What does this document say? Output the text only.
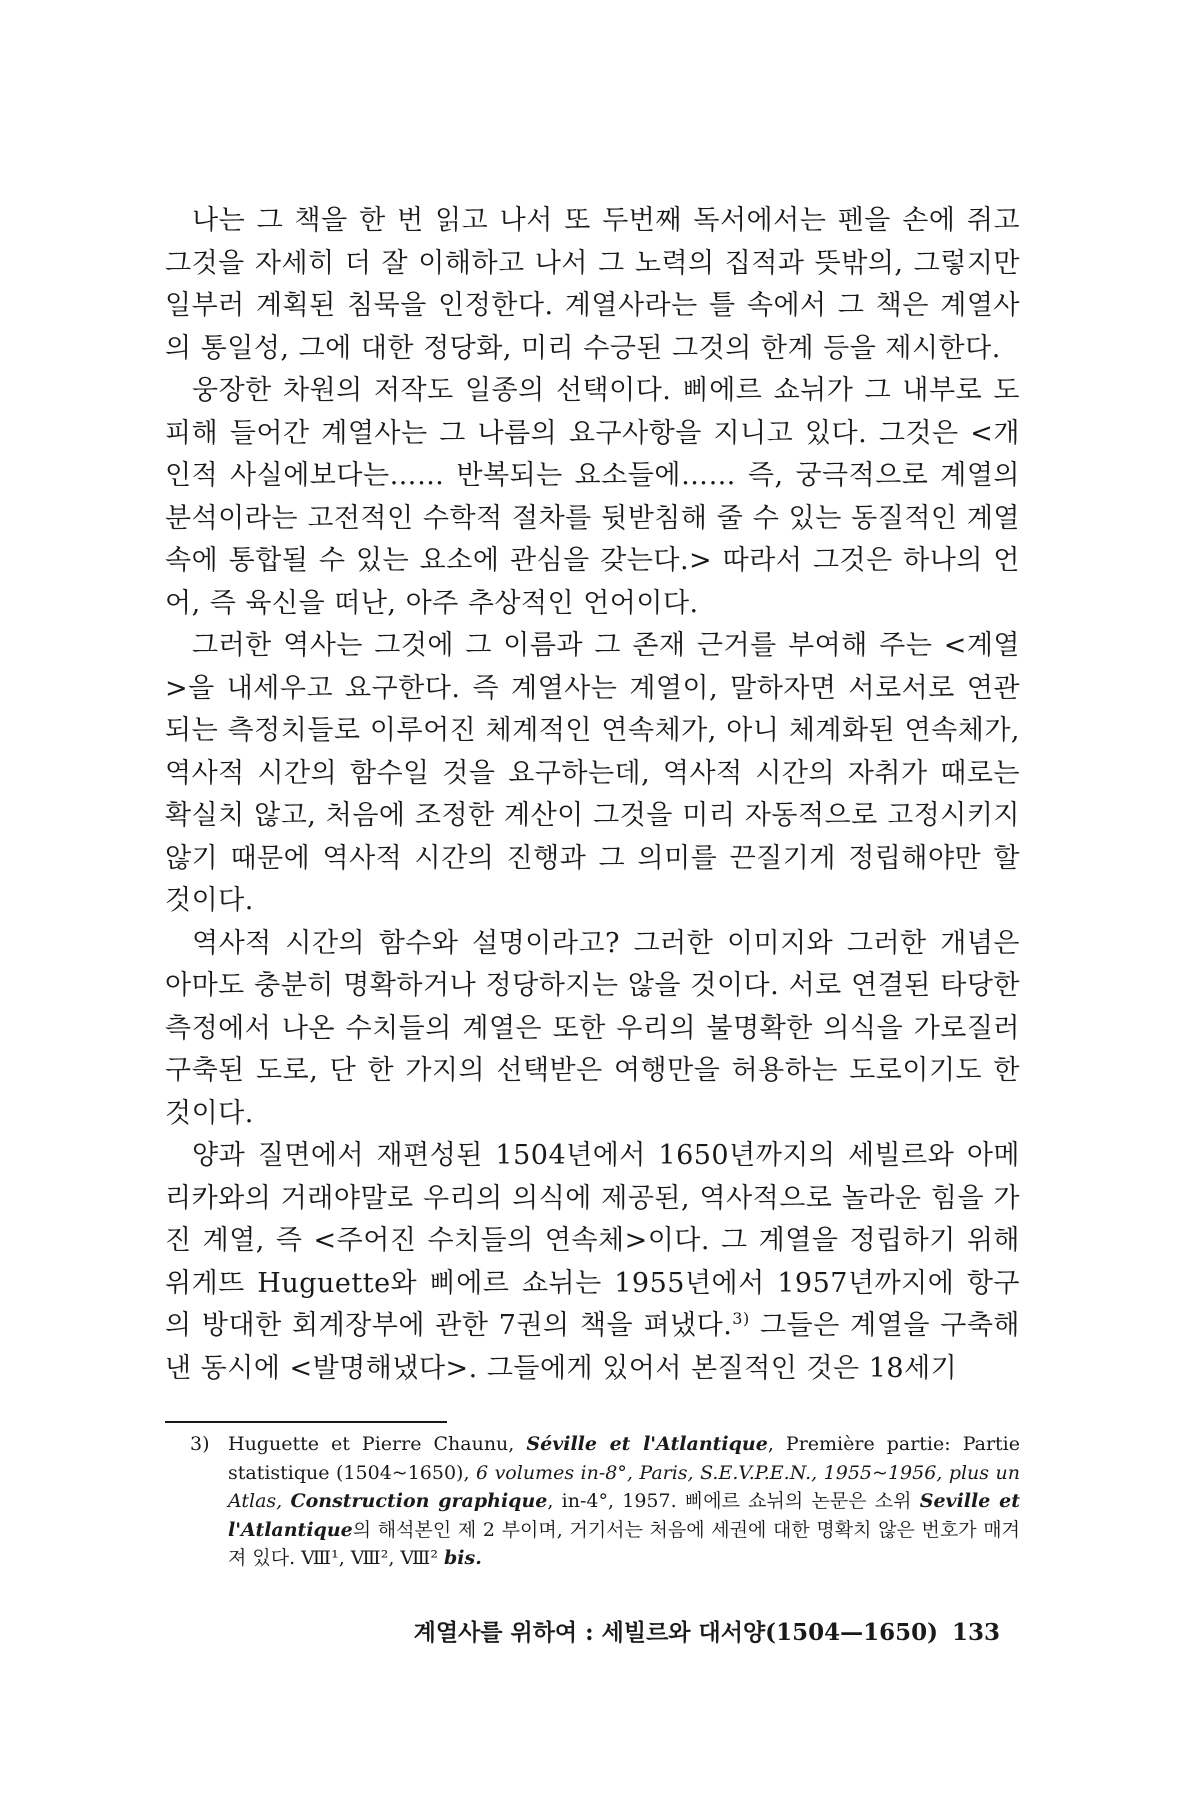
나는 그 책을 한 번 읽고 나서 또 두번째 독서에서는 펜을 손에 쥐고 그것을 자세히 더 잘 이해하고 나서 그 노력의 집적과 뜻밖의, 그렇지만 일부러 계획된 침묵을 인정한다. 계열사라는 틀 속에서 그 책은 계열사의 통일성, 그에 대한 정당화, 미리 수긍된 그것의 한계 등을 제시한다.

웅장한 차원의 저작도 일종의 선택이다. 삐에르 쇼뉘가 그 내부로 도피해 들어간 계열사는 그 나름의 요구사항을 지니고 있다. 그것은 <개인적 사실에보다는…… 반복되는 요소들에…… 즉, 궁극적으로 계열의 분석이라는 고전적인 수학적 절차를 뒷받침해 줄 수 있는 동질적인 계열 속에 통합될 수 있는 요소에 관심을 갖는다.> 따라서 그것은 하나의 언어, 즉 육신을 떠난, 아주 추상적인 언어이다.

그러한 역사는 그것에 그 이름과 그 존재 근거를 부여해 주는 <계열>을 내세우고 요구한다. 즉 계열사는 계열이, 말하자면 서로서로 연관되는 측정치들로 이루어진 체계적인 연속체가, 아니 체계화된 연속체가, 역사적 시간의 함수일 것을 요구하는데, 역사적 시간의 자취가 때로는 확실치 않고, 처음에 조정한 계산이 그것을 미리 자동적으로 고정시키지 않기 때문에 역사적 시간의 진행과 그 의미를 끈질기게 정립해야만 할 것이다.

역사적 시간의 함수와 설명이라고? 그러한 이미지와 그러한 개념은 아마도 충분히 명확하거나 정당하지는 않을 것이다. 서로 연결된 타당한 측정에서 나온 수치들의 계열은 또한 우리의 불명확한 의식을 가로질러 구축된 도로, 단 한 가지의 선택받은 여행만을 허용하는 도로이기도 한 것이다.

양과 질면에서 재편성된 1504년에서 1650년까지의 세빌르와 아메리카와의 거래야말로 우리의 의식에 제공된, 역사적으로 놀라운 힘을 가진 계열, 즉 <주어진 수치들의 연속체>이다. 그 계열을 정립하기 위해 위게뜨 Huguette와 삐에르 쇼뉘는 1955년에서 1957년까지에 항구의 방대한 회계장부에 관한 7권의 책을 펴냈다.$^{3)}$ 그들은 계열을 구축해낸 동시에 <발명해냈다>. 그들에게 있어서 본질적인 것은 18세기

3) Huguette et Pierre Chaunu, Séville et l'Atlantique, Première partie: Partie statistique (1504~1650), 6 volumes in-8°, Paris, S.E.V.P.E.N., 1955~1956, plus un Atlas, Construction graphique, in-4°, 1957. 삐에르 쇼뉘의 논문은 소위 Seville et l'Atlantique의 해석본인 제 2 부이며, 거기서는 처음에 세권에 대한 명확치 않은 번호가 매겨져 있다. Ⅷ¹, Ⅷ², Ⅷ² bis.
계열사를 위하여 : 세빌르와 대서양(1504—1650) 133
